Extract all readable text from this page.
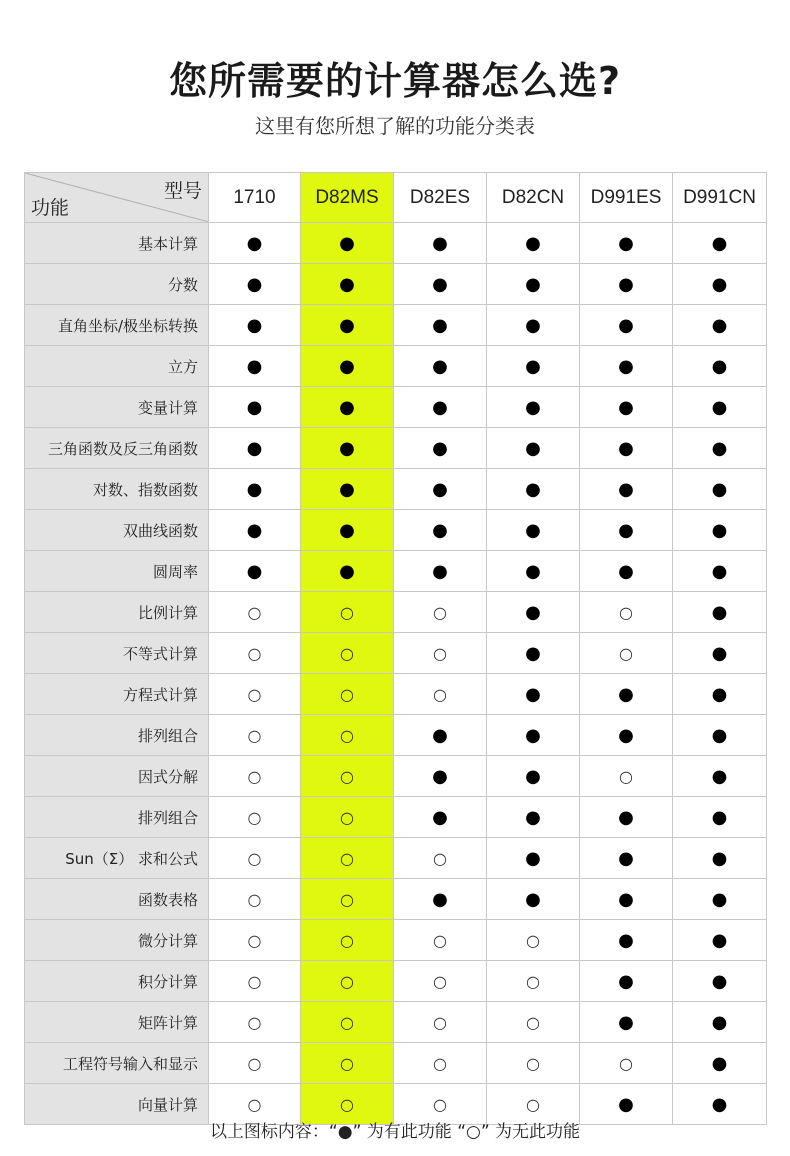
您所需要的计算器怎么选?
这里有您所想了解的功能分类表
型号
功能	1710	D82MS	D82ES	D82CN	D991ES	D991CN
基本计算	●	●	●	●	●	●
分数	●	●	●	●	●	●
直角坐标/极坐标转换	●	●	●	●	●	●
立方	●	●	●	●	●	●
变量计算	●	●	●	●	●	●
三角函数及反三角函数	●	●	●	●	●	●
对数、指数函数	●	●	●	●	●	●
双曲线函数	●	●	●	●	●	●
圆周率	●	●	●	●	●	●
比例计算	○	○	○	●	○	●
不等式计算	○	○	○	●	○	●
方程式计算	○	○	○	●	●	●
排列组合	○	○	●	●	●	●
因式分解	○	○	●	●	○	●
排列组合	○	○	●	●	●	●
Sun（Σ） 求和公式	○	○	○	●	●	●
函数表格	○	○	●	●	●	●
微分计算	○	○	○	○	●	●
积分计算	○	○	○	○	●	●
矩阵计算	○	○	○	○	●	●
工程符号输入和显示	○	○	○	○	○	●
向量计算	○	○	○	○	●	●
以上图标内容：“●” 为有此功能 “○” 为无此功能
